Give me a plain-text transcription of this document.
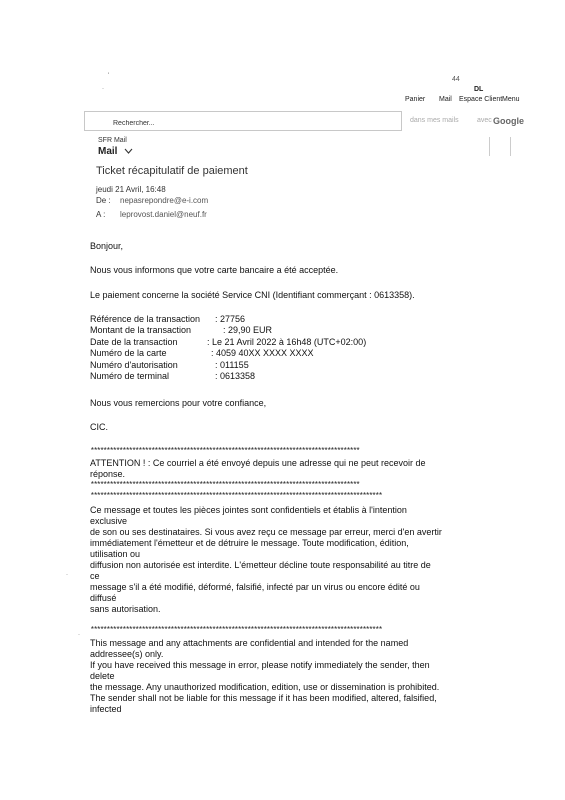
'
·
44
DL
Panier Mail Espace Client Menu
Rechercher...
dans mes mails	avec Google
SFR Mail
Mail
Ticket récapitulatif de paiement
jeudi 21 Avril, 16:48
De : nepasrepondre@e-i.com
A : leprovost.daniel@neuf.fr
Bonjour,
Nous vous informons que votre carte bancaire a été acceptée.
Le paiement concerne la société Service CNI (Identifiant commerçant : 0613358).
Référence de la transaction : 27756
Montant de la transaction	: 29,90 EUR
Date de la transaction	: Le 21 Avril 2022 à 16h48 (UTC+02:00)
Numéro de la carte	: 4059 40XX XXXX XXXX
Numéro d'autorisation	: 011155
Numéro de terminal	: 0613358
Nous vous remercions pour votre confiance,
CIC.
************************************************************************************
ATTENTION ! : Ce courriel a été envoyé depuis une adresse qui ne peut recevoir de
réponse.
************************************************************************************
*******************************************************************************************
Ce message et toutes les pièces jointes sont confidentiels et établis à l'intention
exclusive
de son ou ses destinataires. Si vous avez reçu ce message par erreur, merci d'en avertir
immédiatement l'émetteur et de détruire le message. Toute modification, édition,
utilisation ou
diffusion non autorisée est interdite. L'émetteur décline toute responsabilité au titre de
ce
message s'il a été modifié, déformé, falsifié, infecté par un virus ou encore édité ou
diffusé
sans autorisation.
*******************************************************************************************
This message and any attachments are confidential and intended for the named
addressee(s) only.
If you have received this message in error, please notify immediately the sender, then
delete
the message. Any unauthorized modification, edition, use or dissemination is prohibited.
The sender shall not be liable for this message if it has been modified, altered, falsified,
infected
·
·
